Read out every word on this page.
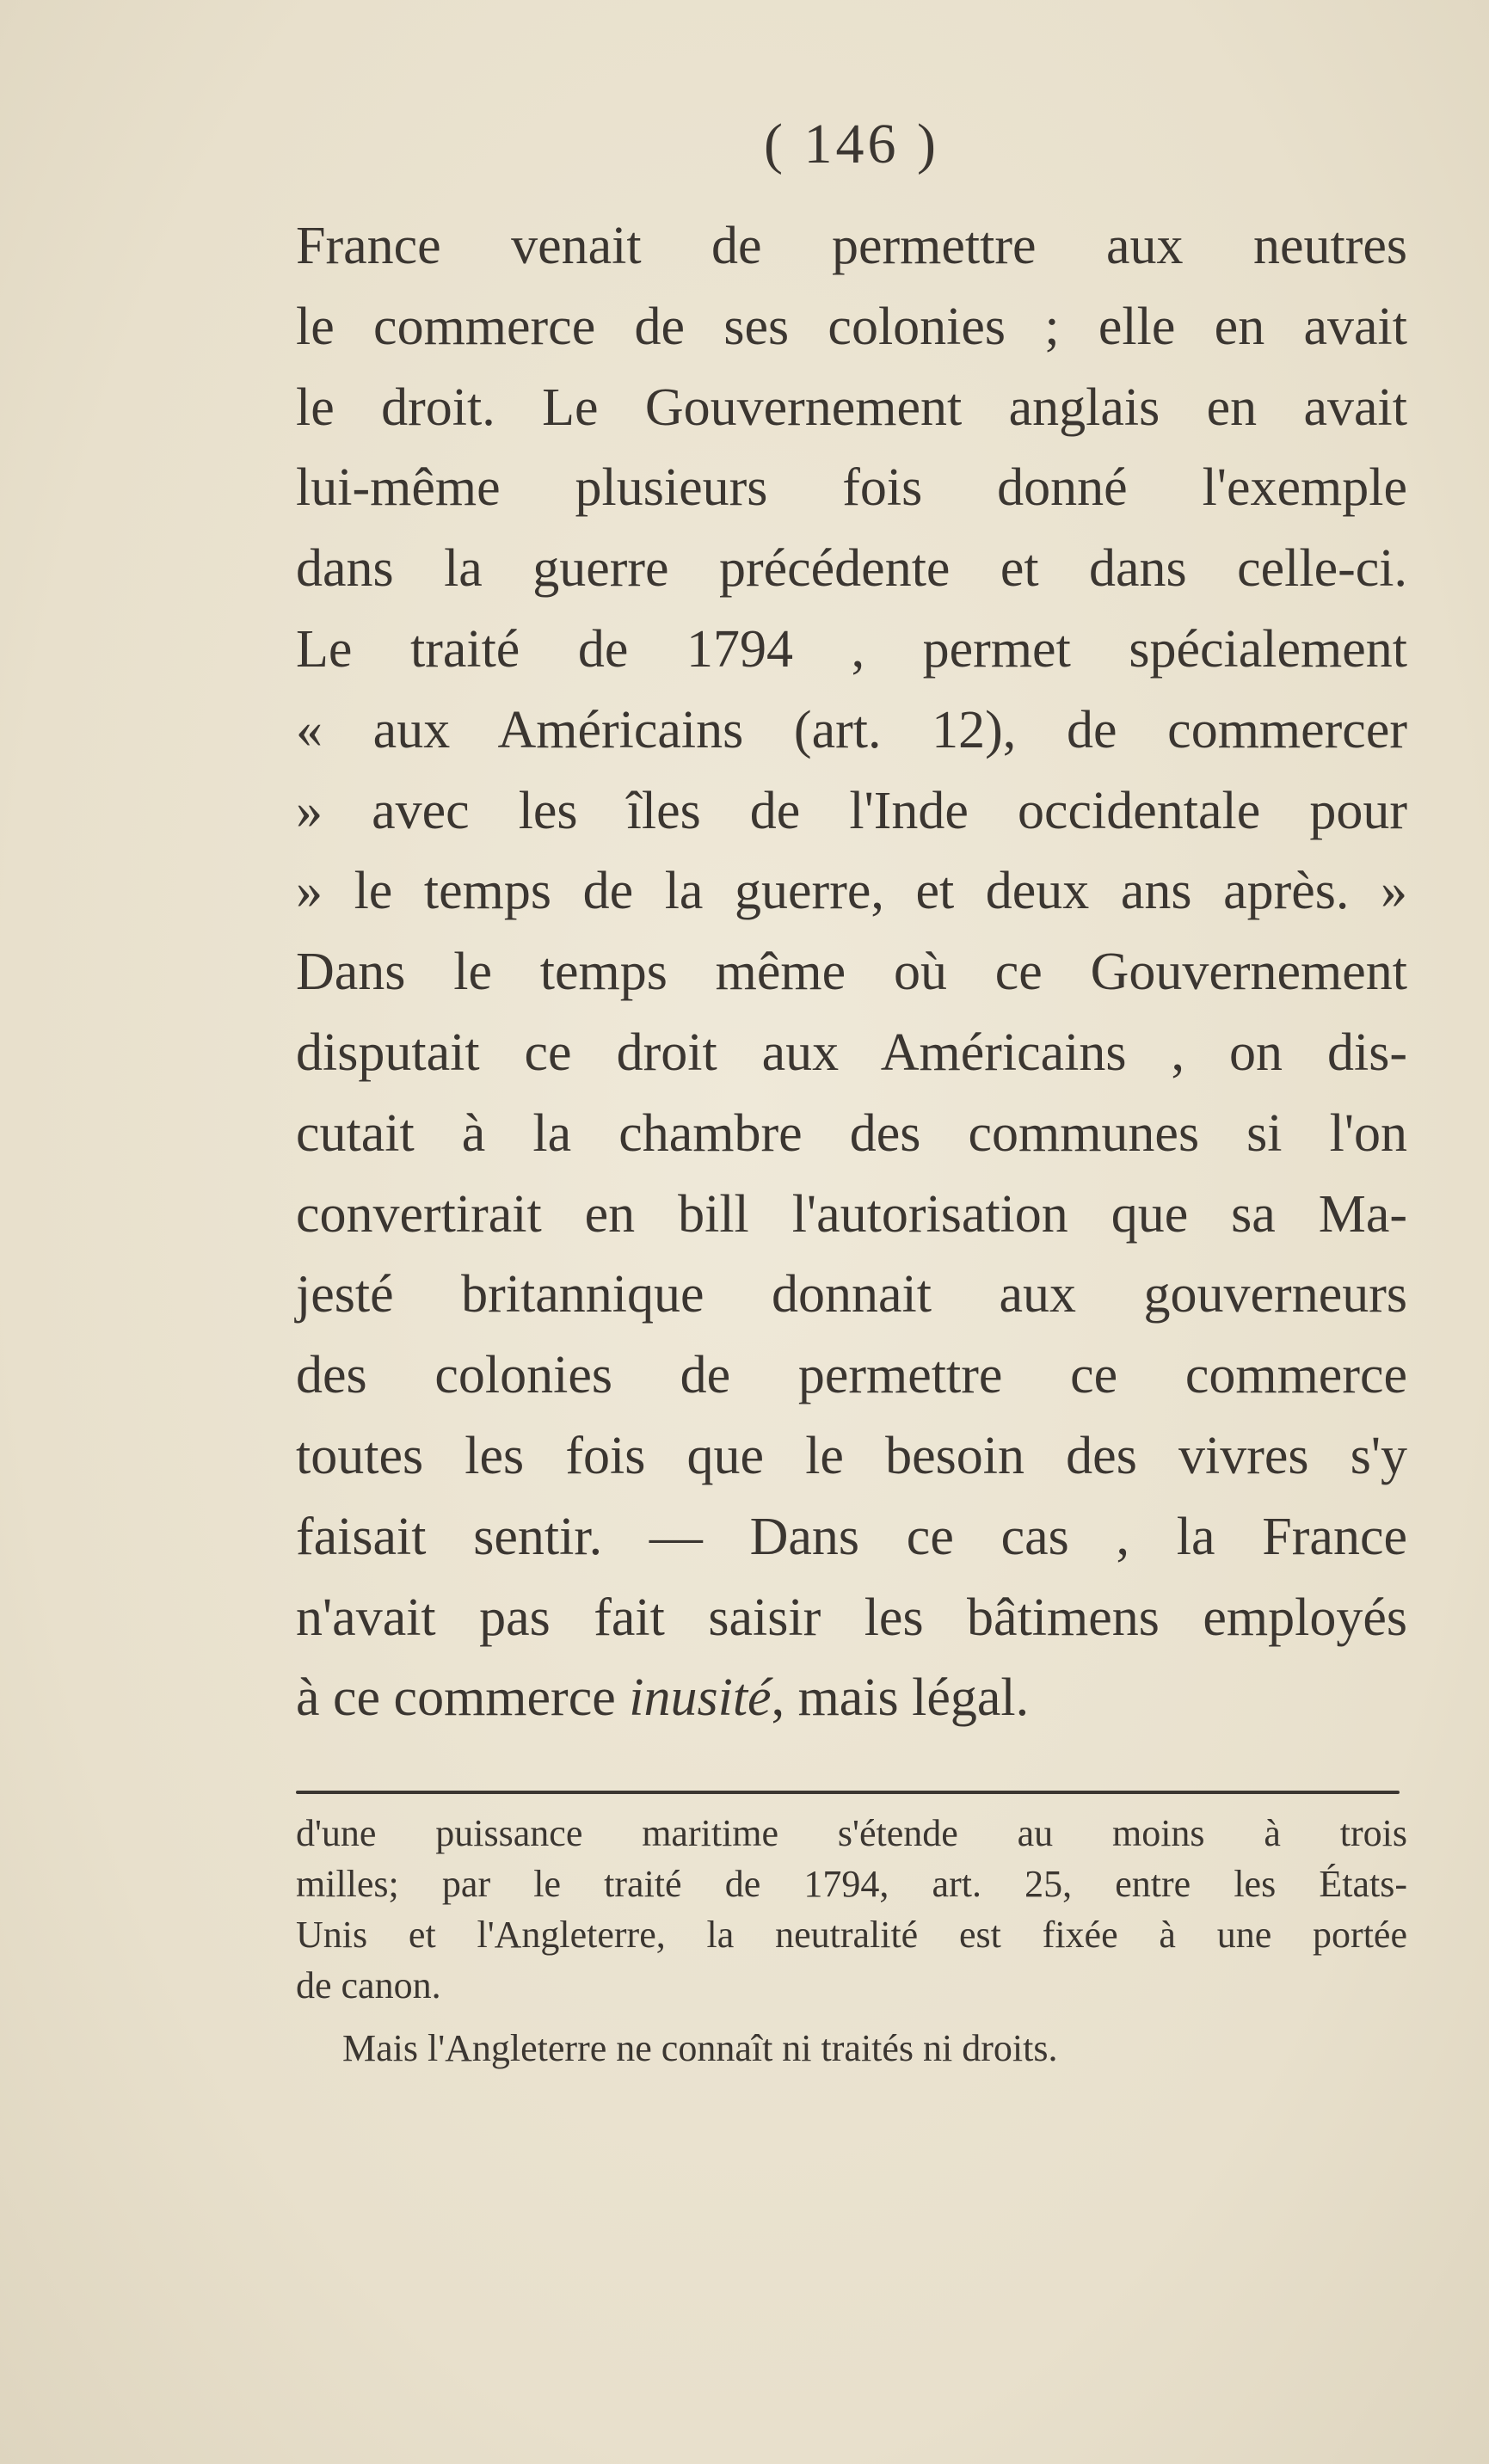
( 146 )
France venait de permettre aux neutres
le commerce de ses colonies ; elle en avait
le droit. Le Gouvernement anglais en avait
lui-même plusieurs fois donné l'exemple
dans la guerre précédente et dans celle-ci.
Le traité de 1794 , permet spécialement
« aux Américains (art. 12), de commercer
» avec les îles de l'Inde occidentale pour
» le temps de la guerre, et deux ans après. »
Dans le temps même où ce Gouvernement
disputait ce droit aux Américains , on dis-
cutait à la chambre des communes si l'on
convertirait en bill l'autorisation que sa Ma-
jesté britannique donnait aux gouverneurs
des colonies de permettre ce commerce
toutes les fois que le besoin des vivres s'y
faisait sentir. — Dans ce cas , la France
n'avait pas fait saisir les bâtimens employés
à ce commerce inusité, mais légal.
d'une puissance maritime s'étende au moins à trois
milles; par le traité de 1794, art. 25, entre les États-
Unis et l'Angleterre, la neutralité est fixée à une portée
de canon.
Mais l'Angleterre ne connaît ni traités ni droits.
